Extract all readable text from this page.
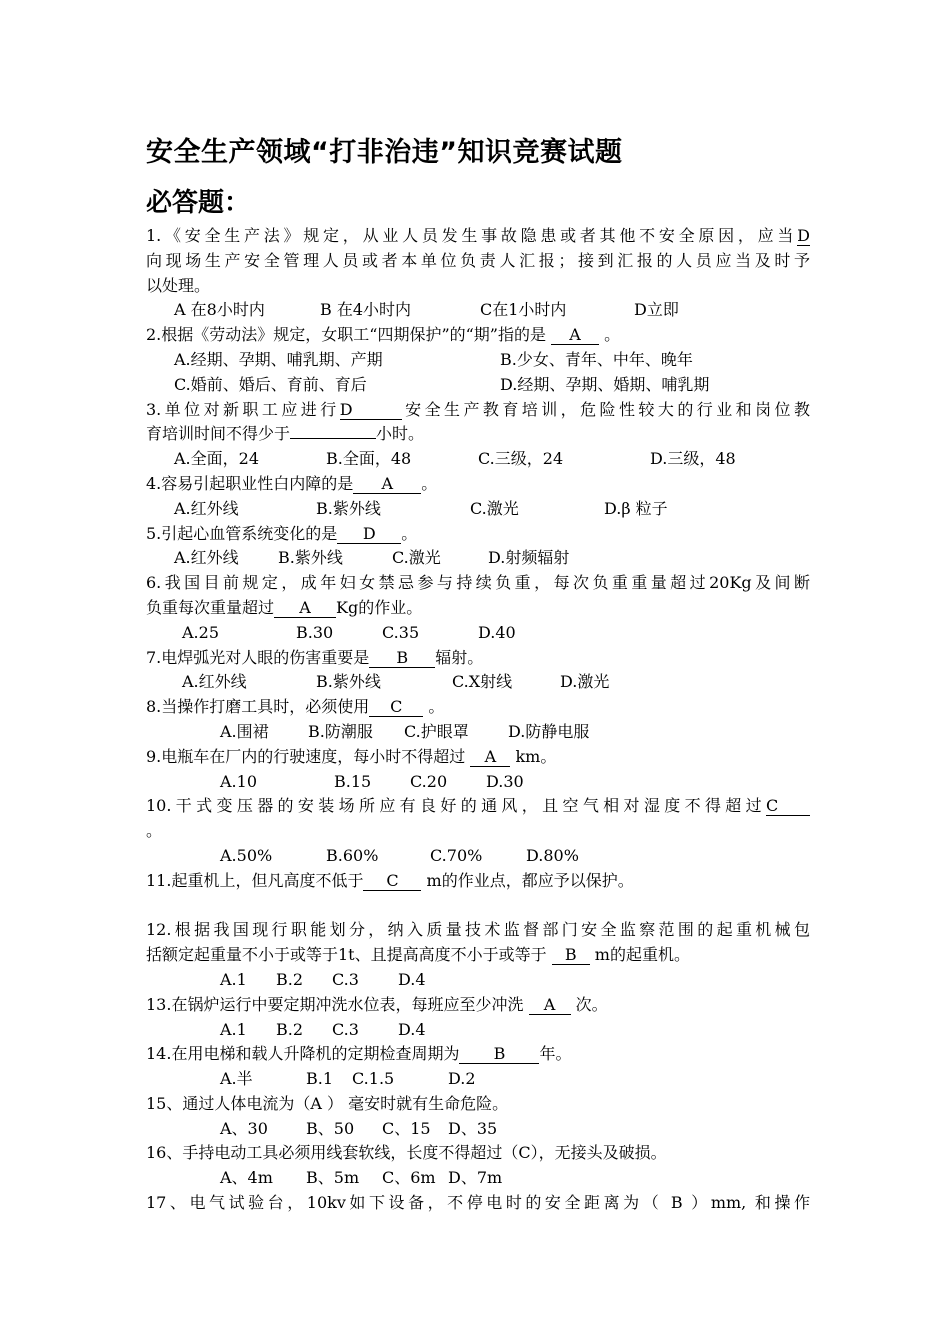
安全生产领域“打非治违”知识竞赛试题
必答题：
1.《安全生产法》规定，从业人员发生事故隐患或者其他不安全原因，应当D
向现场生产安全管理人员或者本单位负责人汇报；接到汇报的人员应当及时予
以处理。
A 在8小时内	B 在4小时内	C在1小时内	D立即
2.根据《劳动法》规定，女职工“四期保护”的“期”指的是 A 。
A.经期、孕期、哺乳期、产期	B.少女、青年、中年、晚年
C.婚前、婚后、育前、育后	D.经期、孕期、婚期、哺乳期
3.单位对新职工应进行D	安全生产教育培训，危险性较大的行业和岗位教
育培训时间不得少于	小时。
A.全面，24	B.全面，48	C.三级，24	D.三级，48
4.容易引起职业性白内障的是 A 。
A.红外线	B.紫外线	C.激光	D.β 粒子
5.引起心血管系统变化的是 D 。
A.红外线 B.紫外线	C.激光	D.射频辐射
6.我国目前规定，成年妇女禁忌参与持续负重，每次负重重量超过20Kg及间断
负重每次重量超过 A Kg的作业。
A.25	B.30	C.35	D.40
7.电焊弧光对人眼的伤害重要是 B 辐射。
A.红外线	B.紫外线	C.X射线	D.激光
8.当操作打磨工具时，必须使用 C 。
A.围裙 B.防潮服 C.护眼罩 D.防静电服
9.电瓶车在厂内的行驶速度，每小时不得超过 A km。
A.10	B.15 C.20 D.30
10.干式变压器的安装场所应有良好的通风，且空气相对湿度不得超过C
。
A.50%	B.60%	C.70%	D.80%
11.起重机上，但凡高度不低于 C m的作业点，都应予以保护。
12.根据我国现行职能划分，纳入质量技术监督部门安全监察范围的起重机械包
括额定起重量不小于或等于1t、且提高高度不小于或等于 B m的起重机。
A.1 B.2 C.3 D.4
13.在锅炉运行中要定期冲洗水位表，每班应至少冲洗 A 次。
A.1 B.2 C.3 D.4
14.在用电梯和载人升降机的定期检查周期为 B 年。
A.半	B.1 C.1.5	D.2
15、通过人体电流为（A ） 毫安时就有生命危险。
A、30 B、50 C、15 D、35
16、手持电动工具必须用线套软线，长度不得超过（C），无接头及破损。
A、4m B、5m C、6m D、7m
17、电气试验台，10kv如下设备，不停电时的安全距离为（ B ）mm, 和操作
